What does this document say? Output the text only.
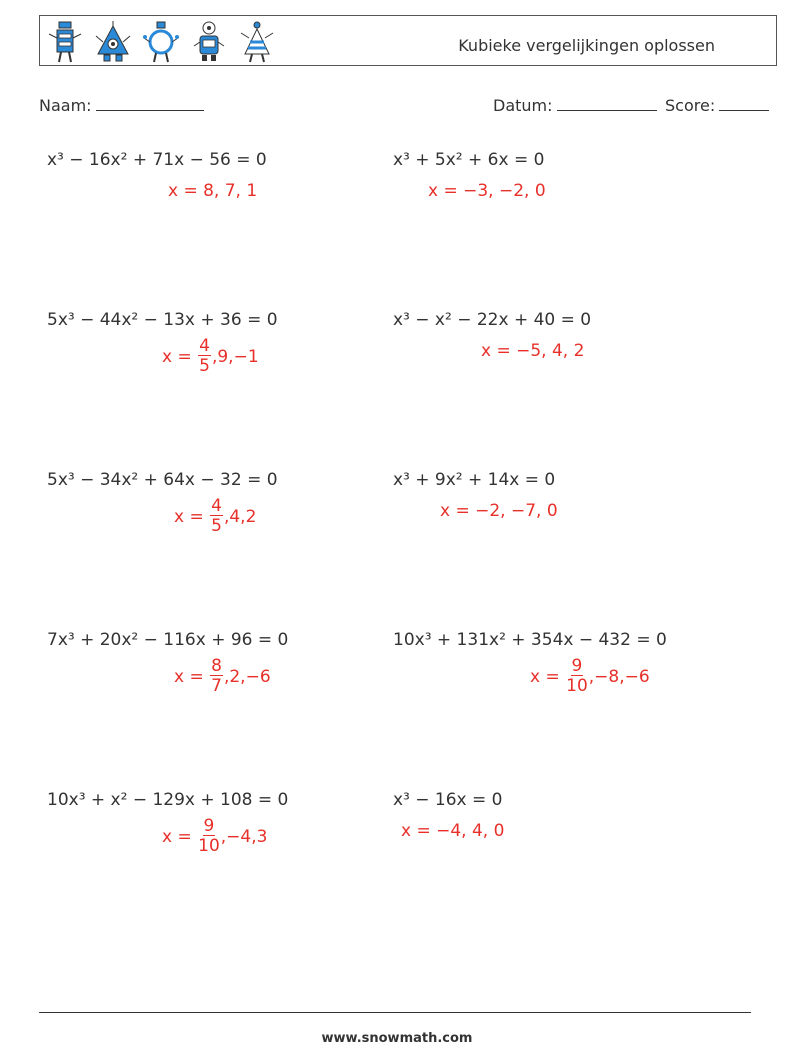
Kubieke vergelijkingen oplossen
Naam:	Datum:	Score:
x³ − 16x² + 71x − 56 = 0
x = 8, 7, 1
x³ + 5x² + 6x = 0
x = −3, −2, 0
5x³ − 44x² − 13x + 36 = 0
x =
$\frac{4}{5} ,9,-1$
x³ − x² − 22x + 40 = 0
x = −5, 4, 2
5x³ − 34x² + 64x − 32 = 0
x =
$\frac{4}{5} ,4,2$
x³ + 9x² + 14x = 0
x = −2, −7, 0
7x³ + 20x² − 116x + 96 = 0
x =
$\frac{8}{7} ,2,-6$
10x³ + 131x² + 354x − 432 = 0
x =
$\frac{9}{10} ,-8,-6$
10x³ + x² − 129x + 108 = 0
x =
$\frac{9}{10} ,-4,3$
x³ − 16x = 0
x = −4, 4, 0
www.snowmath.com
